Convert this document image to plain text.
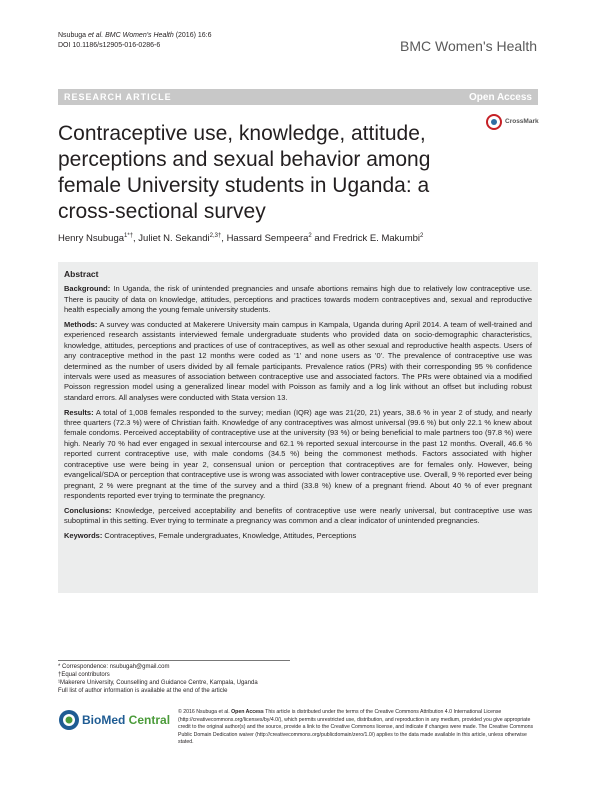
Nsubuga et al. BMC Women's Health (2016) 16:6
DOI 10.1186/s12905-016-0286-6	BMC Women's Health
RESEARCH ARTICLE	Open Access
Contraceptive use, knowledge, attitude, perceptions and sexual behavior among female University students in Uganda: a cross-sectional survey
CrossMark
Henry Nsubuga$^{1*\dagger}$, Juliet N. Sekandi$^{2,3\dagger}$, Hassard Sempeera$^2$ and Fredrick E. Makumbi$^2$
Abstract

Background: In Uganda, the risk of unintended pregnancies and unsafe abortions remains high due to relatively low contraceptive use. There is paucity of data on knowledge, attitudes, perceptions and practices towards modern contraceptives and, sexual and reproductive health especially among the young female university students.

Methods: A survey was conducted at Makerere University main campus in Kampala, Uganda during April 2014. A team of well-trained and experienced research assistants interviewed female undergraduate students who provided data on socio-demographic characteristics, knowledge, attitudes, perceptions and practices of use of contraceptives, as well as other sexual and reproductive health aspects. Users of any contraceptive method in the past 12 months were coded as '1' and none users as '0'. The prevalence of contraceptive use was determined as the number of users divided by all female participants. Prevalence ratios (PRs) with their corresponding 95 % confidence intervals were used as measures of association between contraceptive use and associated factors. The PRs were obtained via a modified Poisson regression model using a generalized linear model with Poisson as family and a log link without an offset but including robust standard errors. All analyses were conducted with Stata version 13.

Results: A total of 1,008 females responded to the survey; median (IQR) age was 21(20, 21) years, 38.6 % in year 2 of study, and nearly three quarters (72.3 %) were of Christian faith. Knowledge of any contraceptives was almost universal (99.6 %) but only 22.1 % knew about female condoms. Perceived acceptability of contraceptive use at the university (93 %) or being beneficial to male partners too (97.8 %) were high. Nearly 70 % had ever engaged in sexual intercourse and 62.1 % reported sexual intercourse in the past 12 months. Overall, 46.6 % reported current contraceptive use, with male condoms (34.5 %) being the commonest methods. Factors associated with higher contraceptive use were being in year 2, consensual union or perception that contraceptives are for females only. However, being evangelical/SDA or perception that contraceptive use is wrong was associated with lower contraceptive use. Overall, 9 % reported ever being pregnant, 2 % were pregnant at the time of the survey and a third (33.8 %) knew of a pregnant friend. About 40 % of ever pregnant respondents reported ever trying to terminate the pregnancy.

Conclusions: Knowledge, perceived acceptability and benefits of contraceptive use were nearly universal, but contraceptive use was suboptimal in this setting. Ever trying to terminate a pregnancy was common and a clear indicator of unintended pregnancies.

Keywords: Contraceptives, Female undergraduates, Knowledge, Attitudes, Perceptions

* Correspondence: nsubugah@gmail.com
†Equal contributors
¹Makerere University, Counselling and Guidance Centre, Kampala, Uganda
Full list of author information is available at the end of the article
BioMed Central
© 2016 Nsubuga et al. Open Access This article is distributed under the terms of the Creative Commons Attribution 4.0 International License (http://creativecommons.org/licenses/by/4.0/), which permits unrestricted use, distribution, and reproduction in any medium, provided you give appropriate credit to the original author(s) and the source, provide a link to the Creative Commons license, and indicate if changes were made. The Creative Commons Public Domain Dedication waiver (http://creativecommons.org/publicdomain/zero/1.0/) applies to the data made available in this article, unless otherwise stated.
